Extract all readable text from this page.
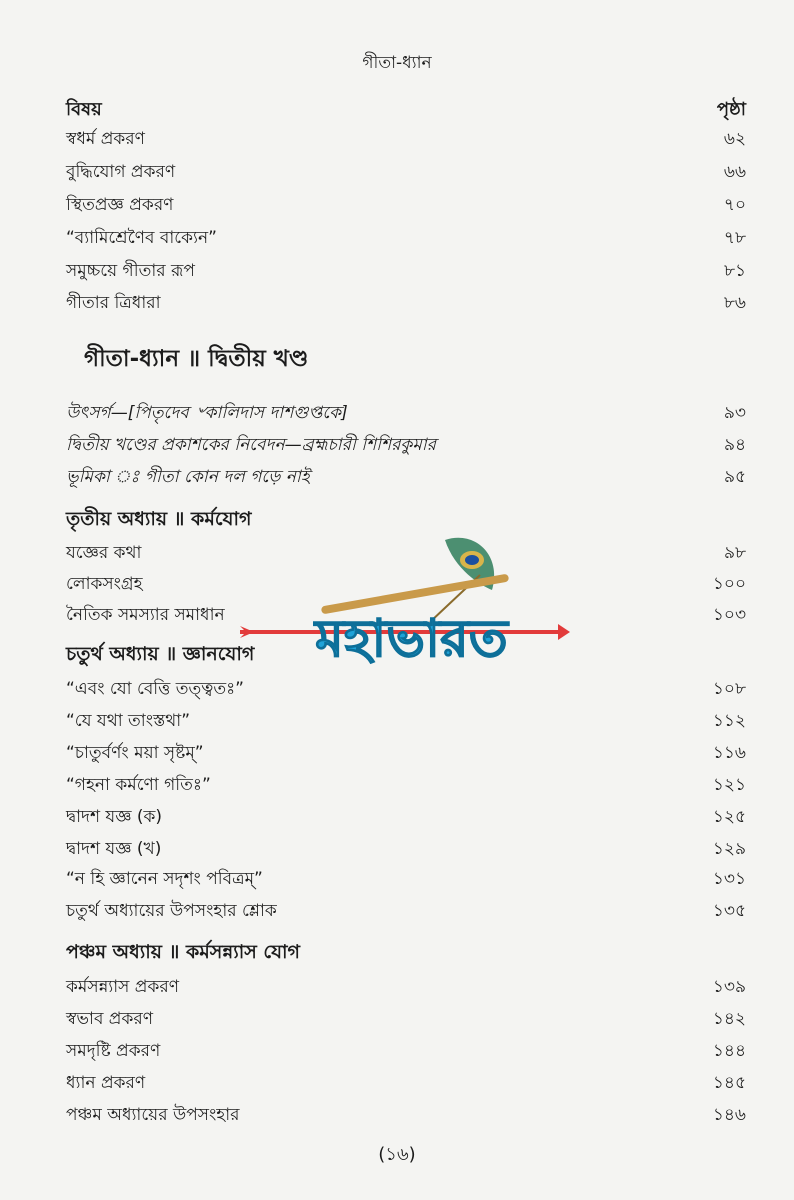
গীতা-ধ্যান
বিষয়	পৃষ্ঠা
স্বধর্ম প্রকরণ	৬২
বুদ্ধিযোগ প্রকরণ	৬৬
স্থিতপ্রজ্ঞ প্রকরণ	৭০
“ব্যামিশ্রেণৈব বাক্যেন”	৭৮
সমুচ্চয়ে গীতার রূপ	৮১
গীতার ত্রিধারা	৮৬
গীতা-ধ্যান ॥ দ্বিতীয় খণ্ড
উৎসর্গ—[পিতৃদেব ৺কালিদাস দাশগুপ্তকে]	৯৩
দ্বিতীয় খণ্ডের প্রকাশকের নিবেদন—ব্রহ্মচারী শিশিরকুমার	৯৪
ভূমিকা ঃ গীতা কোন দল গড়ে নাই	৯৫
তৃতীয় অধ্যায় ॥ কর্মযোগ
যজ্ঞের কথা	৯৮
লোকসংগ্রহ	১০০
নৈতিক সমস্যার সমাধান	১০৩
চতুর্থ অধ্যায় ॥ জ্ঞানযোগ
“এবং যো বেত্তি তত্ত্বতঃ”	১০৮
“যে যথা তাংস্তথা”	১১২
“চাতুর্বর্ণং ময়া সৃষ্টম্”	১১৬
“গহনা কর্মণো গতিঃ”	১২১
দ্বাদশ যজ্ঞ (ক)	১২৫
দ্বাদশ যজ্ঞ (খ)	১২৯
“ন হি জ্ঞানেন সদৃশং পবিত্রম্”	১৩১
চতুর্থ অধ্যায়ের উপসংহার শ্লোক	১৩৫
পঞ্চম অধ্যায় ॥ কর্মসন্ন্যাস যোগ
কর্মসন্ন্যাস প্রকরণ	১৩৯
স্বভাব প্রকরণ	১৪২
সমদৃষ্টি প্রকরণ	১৪৪
ধ্যান প্রকরণ	১৪৫
পঞ্চম অধ্যায়ের উপসংহার	১৪৬
(১৬)
মহাভারত
